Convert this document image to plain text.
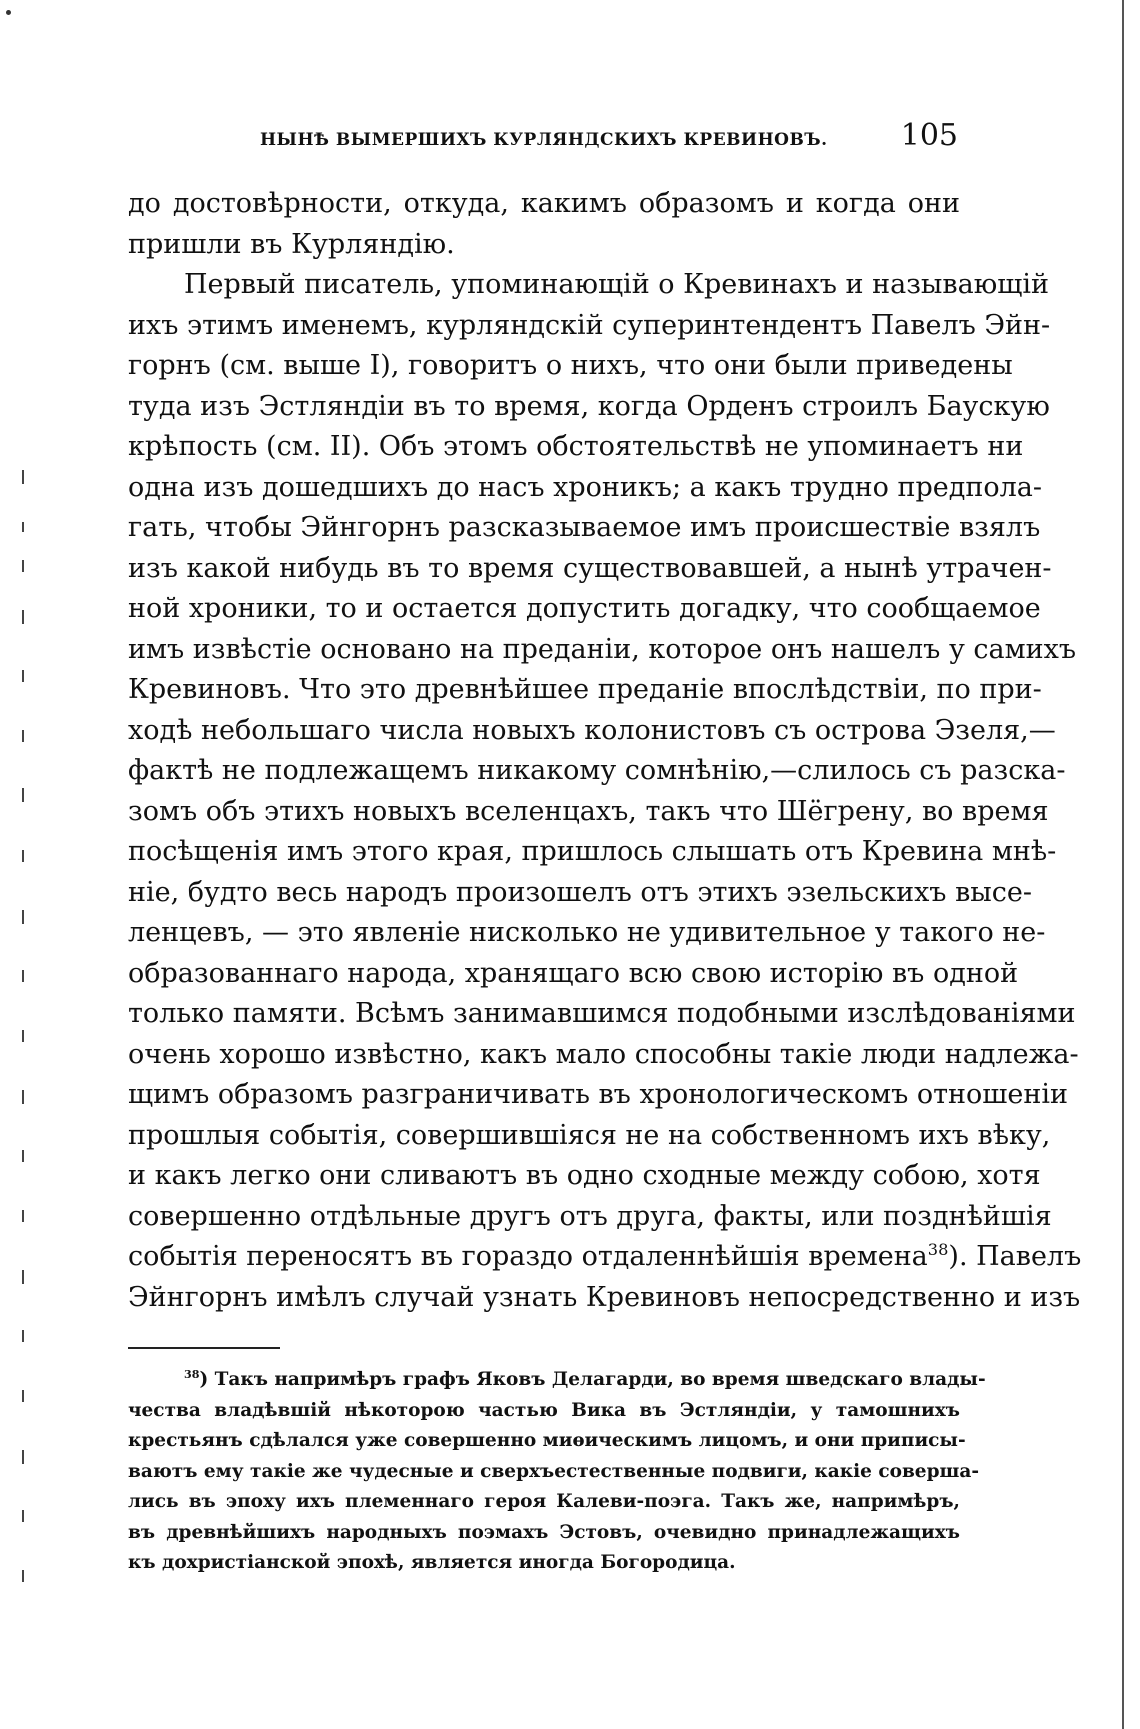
НЫНѢ ВЫМЕРШИХЪ КУРЛЯНДСКИХЪ КРЕВИНОВЪ. 105
до достовѣрности, откуда, какимъ образомъ и когда они
пришли въ Курляндію.
Первый писатель, упоминающій о Кревинахъ и называющій
ихъ этимъ именемъ, курляндскій суперинтендентъ Павелъ Эйн-
горнъ (см. выше I), говоритъ о нихъ, что они были приведены
туда изъ Эстляндіи въ то время, когда Орденъ строилъ Баускую
крѣпость (см. II). Объ этомъ обстоятельствѣ не упоминаетъ ни
одна изъ дошедшихъ до насъ хроникъ; а какъ трудно предпола-
гать, чтобы Эйнгорнъ разсказываемое имъ происшествіе взялъ
изъ какой нибудь въ то время существовавшей, а нынѣ утрачен-
ной хроники, то и остается допустить догадку, что сообщаемое
имъ извѣстіе основано на преданіи, которое онъ нашелъ у самихъ
Кревиновъ. Что это древнѣйшее преданіе впослѣдствіи, по при-
ходѣ небольшаго числа новыхъ колонистовъ съ острова Эзеля,—
фактѣ не подлежащемъ никакому сомнѣнію,—слилось съ разска-
зомъ объ этихъ новыхъ вселенцахъ, такъ что Шёгрену, во время
посѣщенія имъ этого края, пришлось слышать отъ Кревина мнѣ-
ніе, будто весь народъ произошелъ отъ этихъ эзельскихъ высе-
ленцевъ, — это явленіе нисколько не удивительное у такого не-
образованнаго народа, хранящаго всю свою исторію въ одной
только памяти. Всѣмъ занимавшимся подобными изслѣдованіями
очень хорошо извѣстно, какъ мало способны такіе люди надлежа-
щимъ образомъ разграничивать въ хронологическомъ отношеніи
прошлыя событія, совершившіяся не на собственномъ ихъ вѣку,
и какъ легко они сливаютъ въ одно сходные между собою, хотя
совершенно отдѣльные другъ отъ друга, факты, или позднѣйшія
событія переносятъ въ гораздо отдаленнѣйшія времена$^{38}$). Павелъ
Эйнгорнъ имѣлъ случай узнать Кревиновъ непосредственно и изъ
$^{38}$) Такъ напримѣръ графъ Яковъ Делагарди, во время шведскаго влады-
чества владѣвшій нѣкоторою частью Вика въ Эстляндіи, у тамошнихъ
крестьянъ сдѣлался уже совершенно миѳическимъ лицомъ, и они приписы-
ваютъ ему такіе же чудесные и сверхъестественные подвиги, какіе соверша-
лись въ эпоху ихъ племеннаго героя Калеви-поэга. Такъ же, напримѣръ,
въ древнѣйшихъ народныхъ поэмахъ Эстовъ, очевидно принадлежащихъ
къ дохристіанской эпохѣ, является иногда Богородица.
